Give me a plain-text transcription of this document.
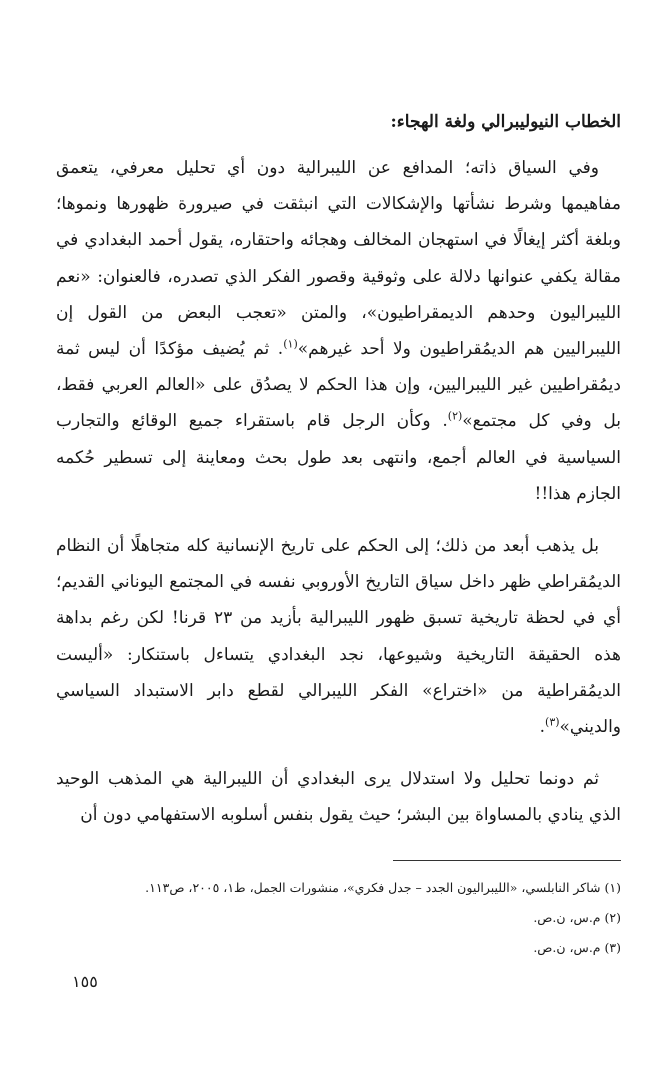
الخطاب النيوليبرالي ولغة الهجاء:

وفي السياق ذاته؛ المدافع عن الليبرالية دون أي تحليل معرفي، يتعمق مفاهيمها وشرط نشأتها والإشكالات التي انبثقت في صيرورة ظهورها ونموها؛ وبلغة أكثر إيغالًا في استهجان المخالف وهجائه واحتقاره، يقول أحمد البغدادي في مقالة يكفي عنوانها دلالة على وثوقية وقصور الفكر الذي تصدره، فالعنوان: «نعم الليبراليون وحدهم الديمقراطيون»، والمتن «تعجب البعض من القول إن الليبراليين هم الديمُقراطيون ولا أحد غيرهم»$^{(١)}$. ثم يُضيف مؤكدًا أن ليس ثمة ديمُقراطيين غير الليبراليين، وإن هذا الحكم لا يصدُق على «العالم العربي فقط، بل وفي كل مجتمع»$^{(٢)}$. وكأن الرجل قام باستقراء جميع الوقائع والتجارب السياسية في العالم أجمع، وانتهى بعد طول بحث ومعاينة إلى تسطير حُكمه الجازم هذا!!

بل يذهب أبعد من ذلك؛ إلى الحكم على تاريخ الإنسانية كله متجاهلًا أن النظام الديمُقراطي ظهر داخل سياق التاريخ الأوروبي نفسه في المجتمع اليوناني القديم؛ أي في لحظة تاريخية تسبق ظهور الليبرالية بأزيد من ٢٣ قرنا! لكن رغم بداهة هذه الحقيقة التاريخية وشيوعها، نجد البغدادي يتساءل باستنكار: «أليست الديمُقراطية من «اختراع» الفكر الليبرالي لقطع دابر الاستبداد السياسي والديني»$^{(٣)}$.

ثم دونما تحليل ولا استدلال يرى البغدادي أن الليبرالية هي المذهب الوحيد الذي ينادي بالمساواة بين البشر؛ حيث يقول بنفس أسلوبه الاستفهامي دون أن

(١) شاكر النابلسي، «الليبراليون الجدد – جدل فكري»، منشورات الجمل، ط١، ٢٠٠٥، ص١١٣.

(٢) م.س، ن.ص.

(٣) م.س، ن.ص.

١٥٥
